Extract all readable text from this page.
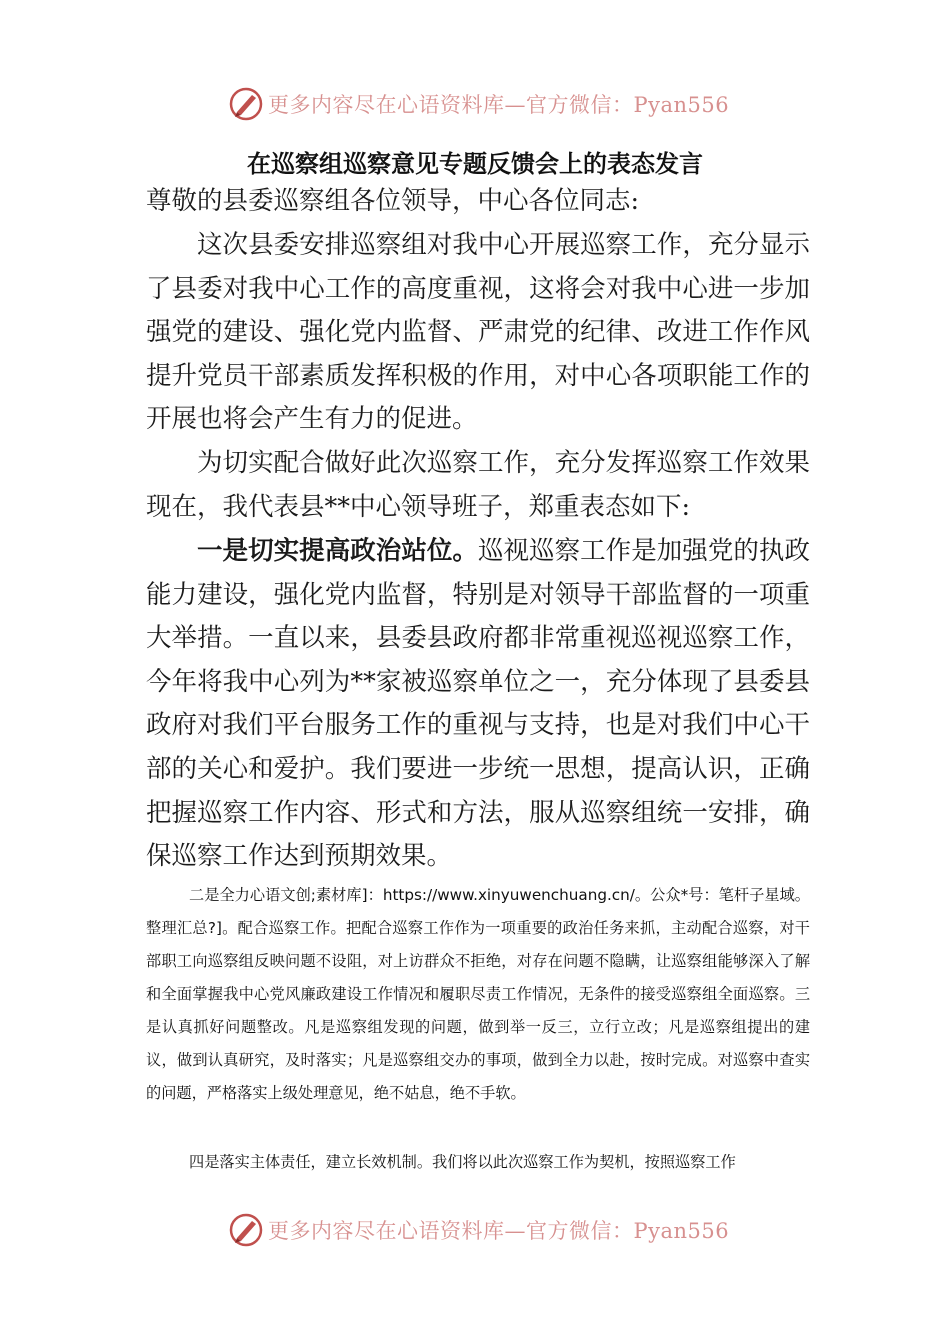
更多内容尽在心语资料库—官方微信：Pyan556
在巡察组巡察意见专题反馈会上的表态发言
尊敬的县委巡察组各位领导，中心各位同志:
这次县委安排巡察组对我中心开展巡察工作，充分显示了县委对我中心工作的高度重视，这将会对我中心进一步加强党的建设、强化党内监督、严肃党的纪律、改进工作作风提升党员干部素质发挥积极的作用，对中心各项职能工作的开展也将会产生有力的促进。
为切实配合做好此次巡察工作，充分发挥巡察工作效果现在，我代表县**中心领导班子，郑重表态如下:
一是切实提高政治站位。巡视巡察工作是加强党的执政能力建设，强化党内监督，特别是对领导干部监督的一项重大举措。一直以来，县委县政府都非常重视巡视巡察工作，今年将我中心列为**家被巡察单位之一，充分体现了县委县政府对我们平台服务工作的重视与支持，也是对我们中心干部的关心和爱护。我们要进一步统一思想，提高认识，正确把握巡察工作内容、形式和方法，服从巡察组统一安排，确保巡察工作达到预期效果。
二是全力心语文创;素材库]：https://www.xinyuwenchuang.cn/。公众*号：笔杆子星域。整理汇总?]。配合巡察工作。把配合巡察工作作为一项重要的政治任务来抓，主动配合巡察，对干部职工向巡察组反映问题不设阻，对上访群众不拒绝，对存在问题不隐瞒，让巡察组能够深入了解和全面掌握我中心党风廉政建设工作情况和履职尽责工作情况，无条件的接受巡察组全面巡察。三是认真抓好问题整改。凡是巡察组发现的问题，做到举一反三，立行立改；凡是巡察组提出的建议，做到认真研究，及时落实；凡是巡察组交办的事项，做到全力以赴，按时完成。对巡察中查实的问题，严格落实上级处理意见，绝不姑息，绝不手软。
四是落实主体责任，建立长效机制。我们将以此次巡察工作为契机，按照巡察工作
更多内容尽在心语资料库—官方微信：Pyan556
